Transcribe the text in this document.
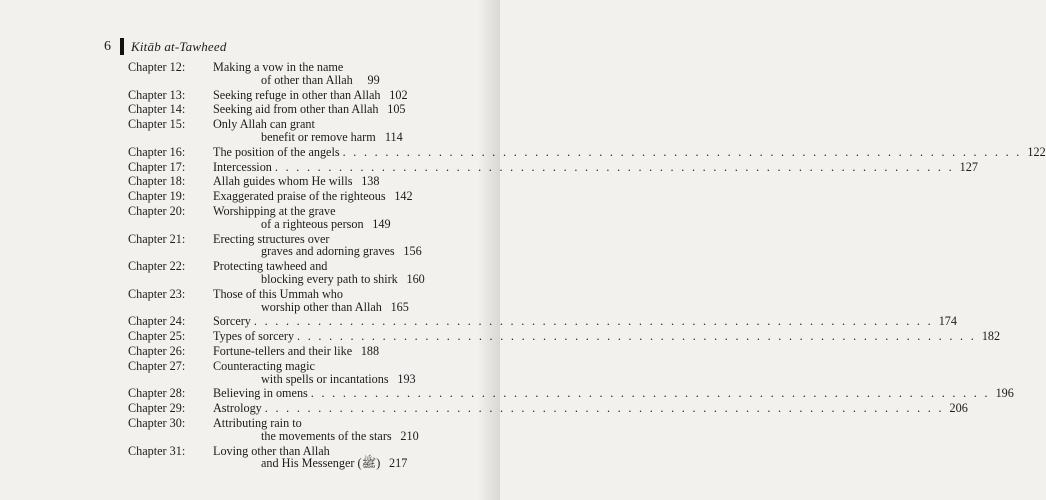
6 Kitāb at-Tawheed
Chapter 12:	Making a vow in the name
of other than Allah	99
Chapter 13:	Seeking refuge in other than Allah 102
Chapter 14:	Seeking aid from other than Allah 105
Chapter 15:	Only Allah can grant
benefit or remove harm 114
Chapter 16:	The position of the angels . . . . . . . . . . . . . . . . . . . . . . . . . . . . . . . . . . . . . . . . . . . . . . . . . . . . . . . . . . . . . . . . 122
Chapter 17:	Intercession . . . . . . . . . . . . . . . . . . . . . . . . . . . . . . . . . . . . . . . . . . . . . . . . . . . . . . . . . . . . . . . . 127
Chapter 18:	Allah guides whom He wills 138
Chapter 19:	Exaggerated praise of the righteous 142
Chapter 20:	Worshipping at the grave
of a righteous person 149
Chapter 21:	Erecting structures over
graves and adorning graves 156
Chapter 22:	Protecting tawheed and
blocking every path to shirk 160
Chapter 23:	Those of this Ummah who
worship other than Allah 165
Chapter 24:	Sorcery . . . . . . . . . . . . . . . . . . . . . . . . . . . . . . . . . . . . . . . . . . . . . . . . . . . . . . . . . . . . . . . . 174
Chapter 25:	Types of sorcery . . . . . . . . . . . . . . . . . . . . . . . . . . . . . . . . . . . . . . . . . . . . . . . . . . . . . . . . . . . . . . . . 182
Chapter 26:	Fortune-tellers and their like 188
Chapter 27:	Counteracting magic
with spells or incantations 193
Chapter 28:	Believing in omens . . . . . . . . . . . . . . . . . . . . . . . . . . . . . . . . . . . . . . . . . . . . . . . . . . . . . . . . . . . . . . . . 196
Chapter 29:	Astrology . . . . . . . . . . . . . . . . . . . . . . . . . . . . . . . . . . . . . . . . . . . . . . . . . . . . . . . . . . . . . . . . 206
Chapter 30:	Attributing rain to
the movements of the stars 210
Chapter 31:	Loving other than Allah
and His Messenger (ﷺ) 217
